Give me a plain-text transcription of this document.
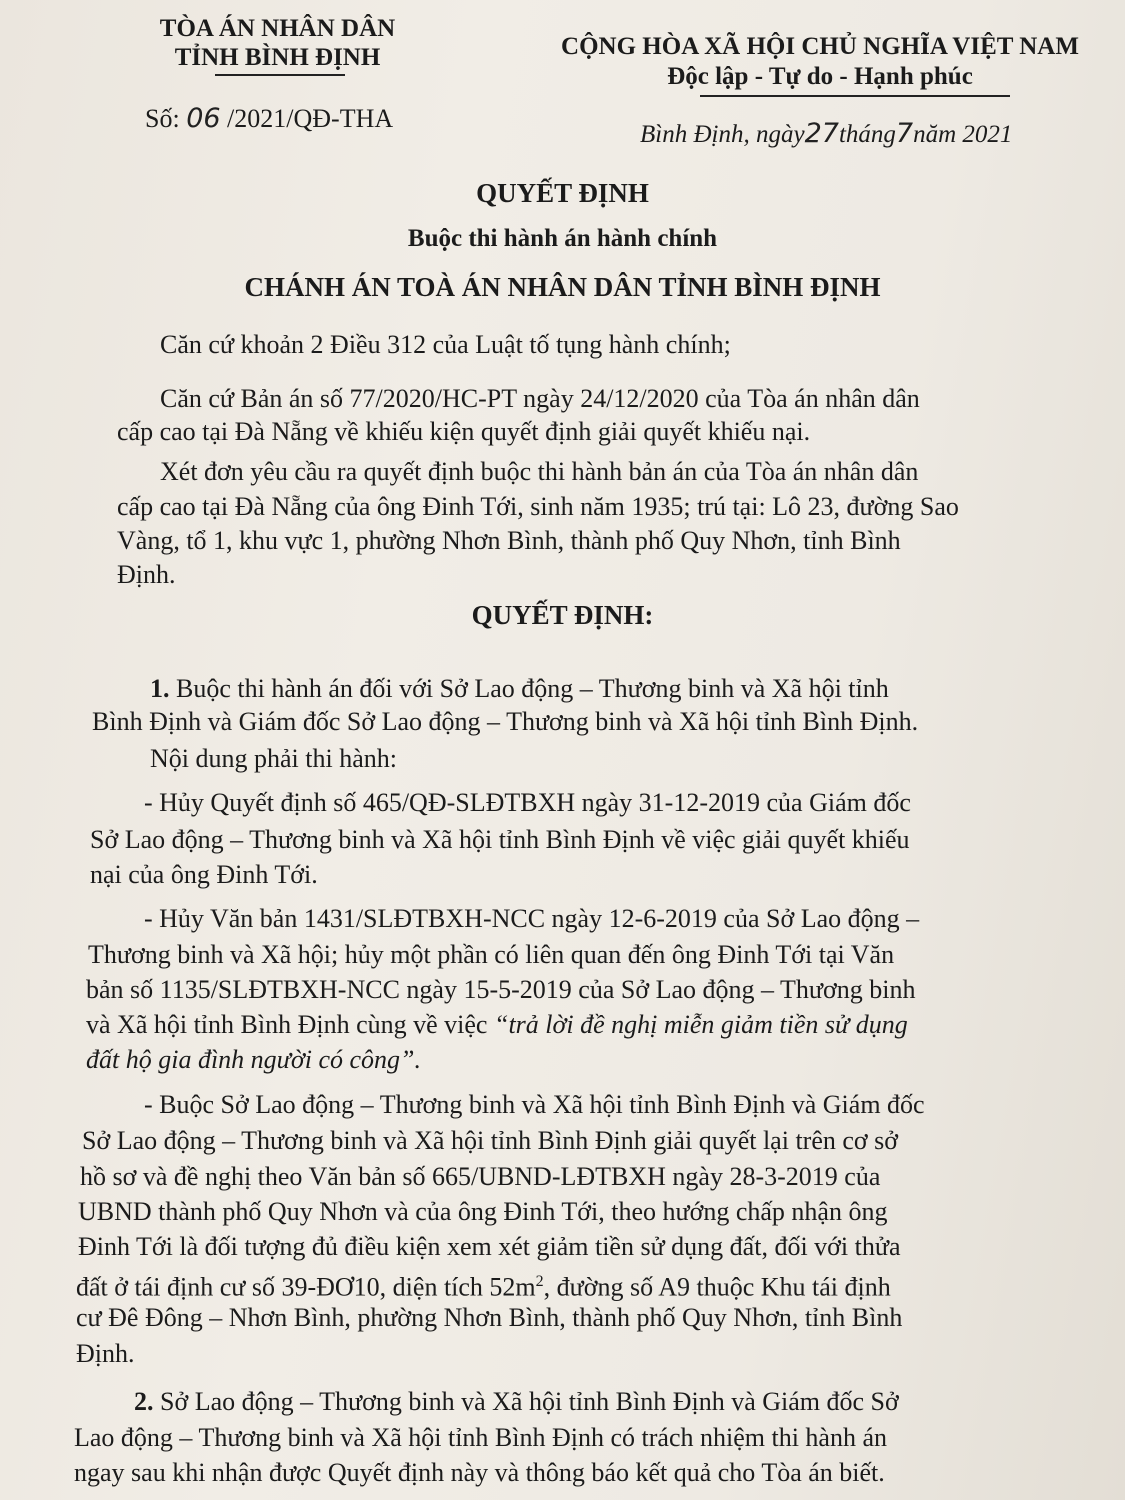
TÒA ÁN NHÂN DÂN
TỈNH BÌNH ĐỊNH
Số: 06 /2021/QĐ-THA
CỘNG HÒA XÃ HỘI CHỦ NGHĨA VIỆT NAM
Độc lập - Tự do - Hạnh phúc
Bình Định, ngày27tháng7năm 2021
QUYẾT ĐỊNH
Buộc thi hành án hành chính
CHÁNH ÁN TOÀ ÁN NHÂN DÂN TỈNH BÌNH ĐỊNH
Căn cứ khoản 2 Điều 312 của Luật tố tụng hành chính;
Căn cứ Bản án số 77/2020/HC-PT ngày 24/12/2020 của Tòa án nhân dân
cấp cao tại Đà Nẵng về khiếu kiện quyết định giải quyết khiếu nại.
Xét đơn yêu cầu ra quyết định buộc thi hành bản án của Tòa án nhân dân
cấp cao tại Đà Nẵng của ông Đinh Tới, sinh năm 1935; trú tại: Lô 23, đường Sao
Vàng, tổ 1, khu vực 1, phường Nhơn Bình, thành phố Quy Nhơn, tỉnh Bình
Định.
QUYẾT ĐỊNH:
1. Buộc thi hành án đối với Sở Lao động – Thương binh và Xã hội tỉnh
Bình Định và Giám đốc Sở Lao động – Thương binh và Xã hội tỉnh Bình Định.
Nội dung phải thi hành:
- Hủy Quyết định số 465/QĐ-SLĐTBXH ngày 31-12-2019 của Giám đốc
Sở Lao động – Thương binh và Xã hội tỉnh Bình Định về việc giải quyết khiếu
nại của ông Đinh Tới.
- Hủy Văn bản 1431/SLĐTBXH-NCC ngày 12-6-2019 của Sở Lao động –
Thương binh và Xã hội; hủy một phần có liên quan đến ông Đinh Tới tại Văn
bản số 1135/SLĐTBXH-NCC ngày 15-5-2019 của Sở Lao động – Thương binh
và Xã hội tỉnh Bình Định cùng về việc “trả lời đề nghị miễn giảm tiền sử dụng
đất hộ gia đình người có công”.
- Buộc Sở Lao động – Thương binh và Xã hội tỉnh Bình Định và Giám đốc
Sở Lao động – Thương binh và Xã hội tỉnh Bình Định giải quyết lại trên cơ sở
hồ sơ và đề nghị theo Văn bản số 665/UBND-LĐTBXH ngày 28-3-2019 của
UBND thành phố Quy Nhơn và của ông Đinh Tới, theo hướng chấp nhận ông
Đinh Tới là đối tượng đủ điều kiện xem xét giảm tiền sử dụng đất, đối với thửa
đất ở tái định cư số 39-ĐƠ10, diện tích $52m^2$, đường số A9 thuộc Khu tái định
cư Đê Đông – Nhơn Bình, phường Nhơn Bình, thành phố Quy Nhơn, tỉnh Bình
Định.
2. Sở Lao động – Thương binh và Xã hội tỉnh Bình Định và Giám đốc Sở
Lao động – Thương binh và Xã hội tỉnh Bình Định có trách nhiệm thi hành án
ngay sau khi nhận được Quyết định này và thông báo kết quả cho Tòa án biết.
